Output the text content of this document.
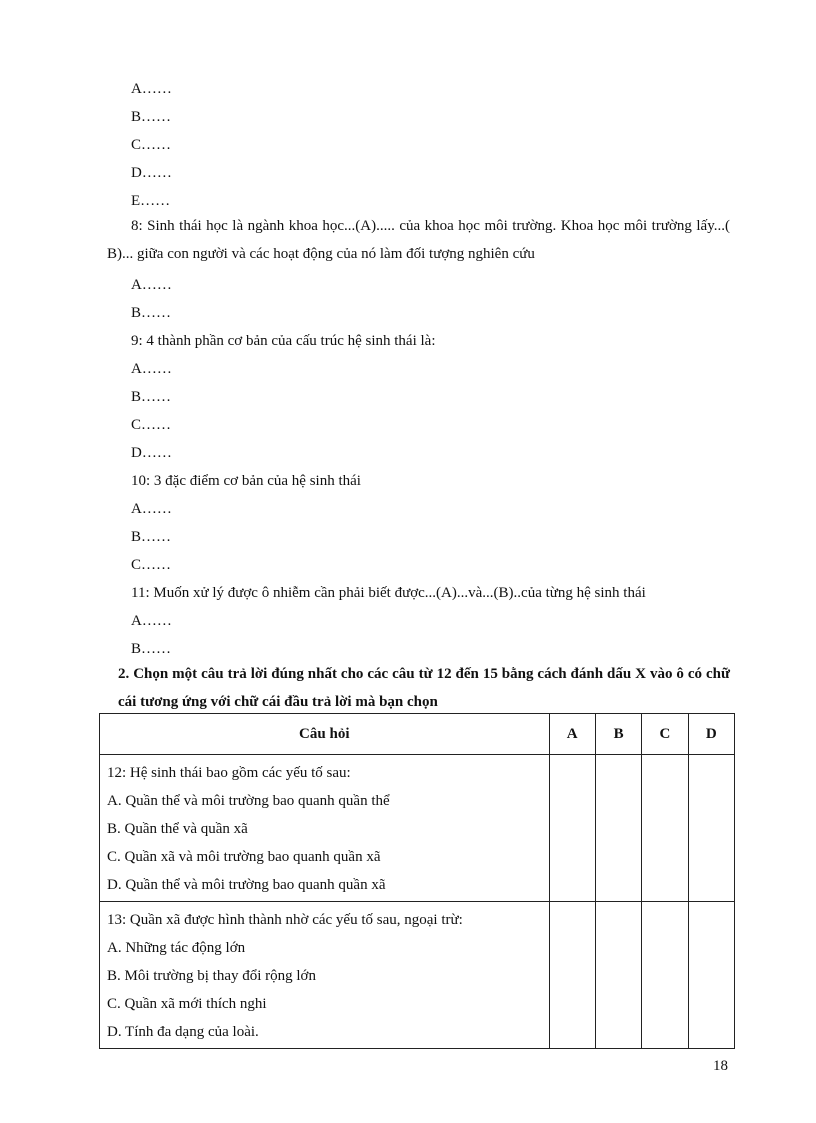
A……
B……
C……
D……
E……
8: Sinh thái học là ngành khoa học...(A)..... của khoa học môi trường. Khoa học môi trường lấy...( B)... giữa con người và các hoạt động của nó làm đối tượng nghiên cứu
A……
B……
9: 4 thành phần cơ bản của cấu trúc hệ sinh thái là:
A……
B……
C……
D……
10: 3 đặc điểm cơ bản của hệ sinh thái
A……
B……
C……
11: Muốn xử lý được ô nhiễm cần phải biết được...(A)...và...(B)..của từng hệ sinh thái
A……
B……
2. Chọn một câu trả lời đúng nhất cho các câu từ 12 đến 15 bằng cách đánh dấu X vào ô có chữ cái tương ứng với chữ cái đầu trả lời mà bạn chọn
Câu hỏi	A	B	C	D

12: Hệ sinh thái bao gồm các yếu tố sau:
A. Quần thể và môi trường bao quanh quần thể
B. Quần thể và quần xã
C. Quần xã và môi trường bao quanh quần xã
D. Quần thể và môi trường bao quanh quần xã				

13: Quần xã được hình thành nhờ các yếu tố sau, ngoại trừ:
A. Những tác động lớn
B. Môi trường bị thay đổi rộng lớn
C. Quần xã mới thích nghi
D. Tính đa dạng của loài.				

18
